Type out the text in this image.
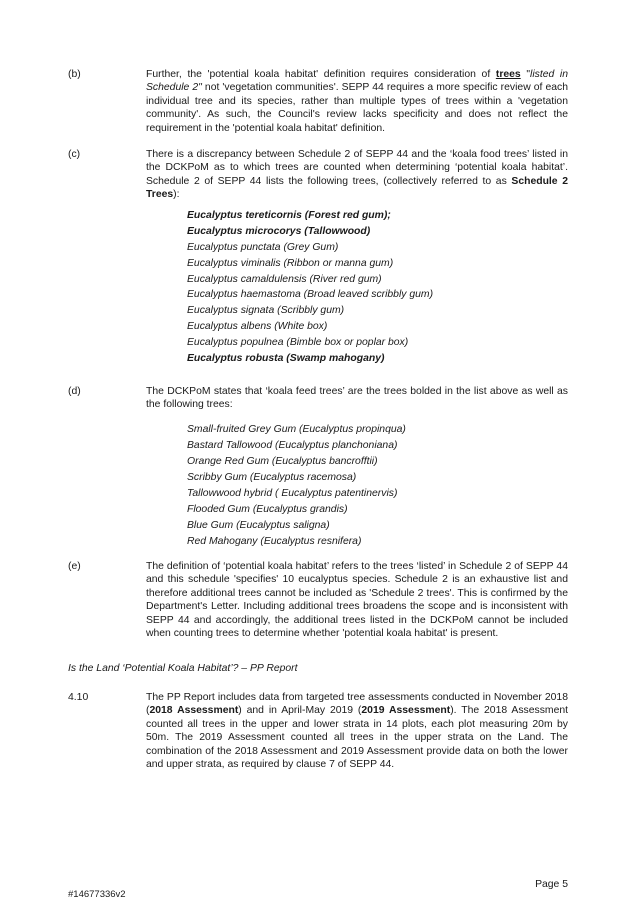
(b)	Further, the 'potential koala habitat' definition requires consideration of trees "listed in Schedule 2" not 'vegetation communities'. SEPP 44 requires a more specific review of each individual tree and its species, rather than multiple types of trees within a 'vegetation community'. As such, the Council's review lacks specificity and does not reflect the requirement in the 'potential koala habitat' definition.
(c)	There is a discrepancy between Schedule 2 of SEPP 44 and the ‘koala food trees’ listed in the DCKPoM as to which trees are counted when determining ‘potential koala habitat’. Schedule 2 of SEPP 44 lists the following trees, (collectively referred to as Schedule 2 Trees):
Eucalyptus tereticornis (Forest red gum);
Eucalyptus microcorys (Tallowwood)
Eucalyptus punctata (Grey Gum)
Eucalyptus viminalis (Ribbon or manna gum)
Eucalyptus camaldulensis (River red gum)
Eucalyptus haemastoma (Broad leaved scribbly gum)
Eucalyptus signata (Scribbly gum)
Eucalyptus albens (White box)
Eucalyptus populnea (Bimble box or poplar box)
Eucalyptus robusta (Swamp mahogany)
(d)	The DCKPoM states that ‘koala feed trees’ are the trees bolded in the list above as well as the following trees:
Small-fruited Grey Gum (Eucalyptus propinqua)
Bastard Tallowood (Eucalyptus planchoniana)
Orange Red Gum (Eucalyptus bancrofftii)
Scribby Gum (Eucalyptus racemosa)
Tallowwood hybrid ( Eucalyptus patentinervis)
Flooded Gum (Eucalyptus grandis)
Blue Gum (Eucalyptus saligna)
Red Mahogany (Eucalyptus resnifera)
(e)	The definition of ‘potential koala habitat’ refers to the trees ‘listed’ in Schedule 2 of SEPP 44 and this schedule 'specifies' 10 eucalyptus species. Schedule 2 is an exhaustive list and therefore additional trees cannot be included as 'Schedule 2 trees'. This is confirmed by the Department's Letter. Including additional trees broadens the scope and is inconsistent with SEPP 44 and accordingly, the additional trees listed in the DCKPoM cannot be included when counting trees to determine whether 'potential koala habitat' is present.
Is the Land ‘Potential Koala Habitat’? – PP Report
4.10	The PP Report includes data from targeted tree assessments conducted in November 2018 (2018 Assessment) and in April-May 2019 (2019 Assessment). The 2018 Assessment counted all trees in the upper and lower strata in 14 plots, each plot measuring 20m by 50m. The 2019 Assessment counted all trees in the upper strata on the Land. The combination of the 2018 Assessment and 2019 Assessment provide data on both the lower and upper strata, as required by clause 7 of SEPP 44.
Page 5
#14677336v2
